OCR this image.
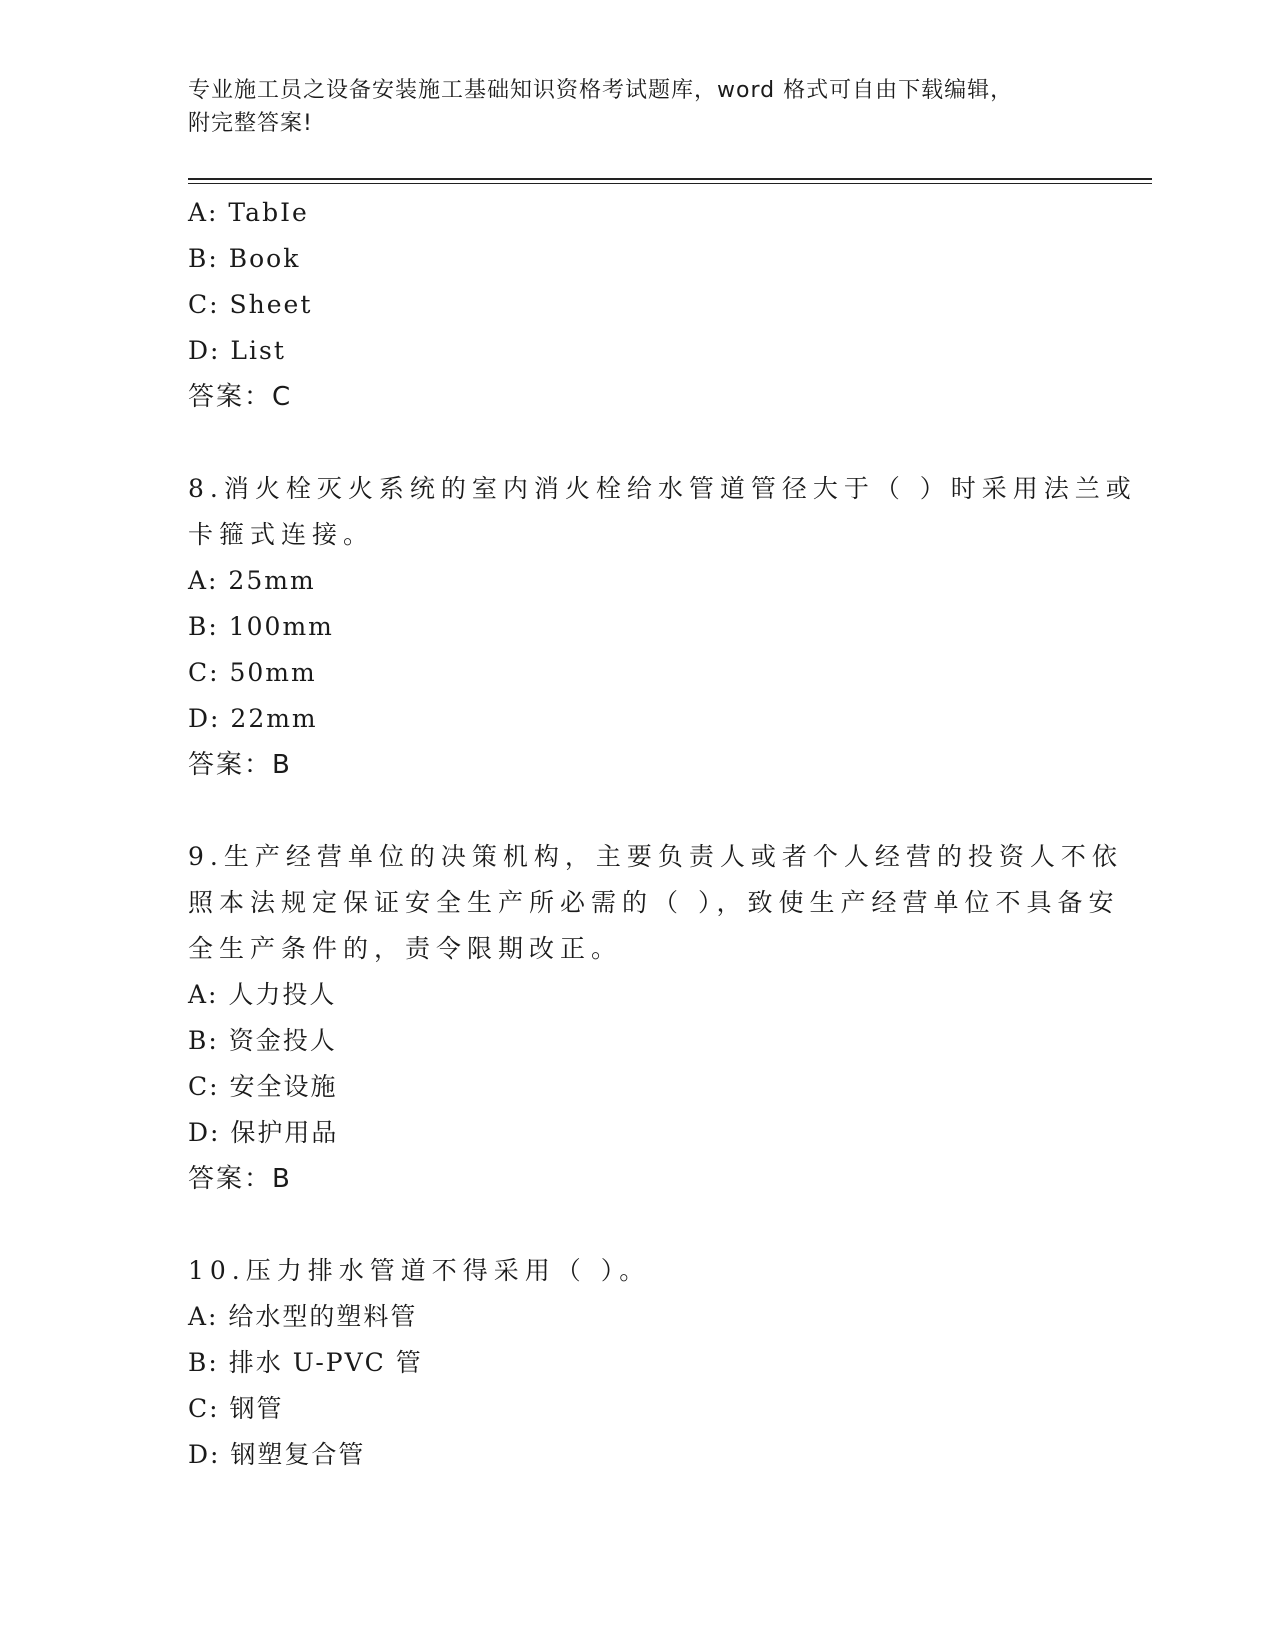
专业施工员之设备安装施工基础知识资格考试题库，word 格式可自由下载编辑，
附完整答案!
A: TabIe
B: Book
C: Sheet
D: List
答案：C
8.消火栓灭火系统的室内消火栓给水管道管径大于（ ）时采用法兰或
卡箍式连接。
A: 25mm
B: 100mm
C: 50mm
D: 22mm
答案：B
9.生产经营单位的决策机构，主要负责人或者个人经营的投资人不依
照本法规定保证安全生产所必需的（ ），致使生产经营单位不具备安
全生产条件的，责令限期改正。
A: 人力投人
B: 资金投人
C: 安全设施
D: 保护用品
答案：B
10.压力排水管道不得采用（ ）。
A: 给水型的塑料管
B: 排水 U-PVC 管
C: 钢管
D: 钢塑复合管
